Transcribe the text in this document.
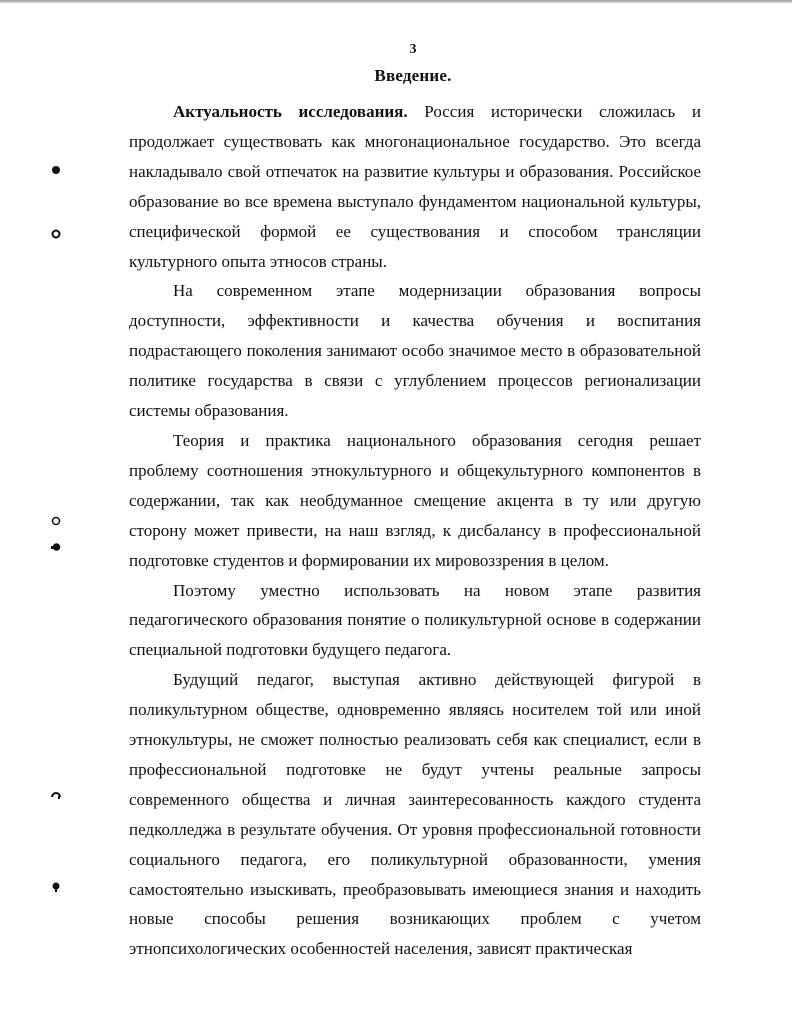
3
Введение.

Актуальность исследования. Россия исторически сложилась и продолжает существовать как многонациональное государство. Это всегда накладывало свой отпечаток на развитие культуры и образования. Российское образование во все времена выступало фундаментом национальной культуры, специфической формой ее существования и способом трансляции культурного опыта этносов страны.

На современном этапе модернизации образования вопросы доступности, эффективности и качества обучения и воспитания подрастающего поколения занимают особо значимое место в образовательной политике государства в связи с углублением процессов регионализации системы образования.

Теория и практика национального образования сегодня решает проблему соотношения этнокультурного и общекультурного компонентов в содержании, так как необдуманное смещение акцента в ту или другую сторону может привести, на наш взгляд, к дисбалансу в профессиональной подготовке студентов и формировании их мировоззрения в целом.

Поэтому уместно использовать на новом этапе развития педагогического образования понятие о поликультурной основе в содержании специальной подготовки будущего педагога.

Будущий педагог, выступая активно действующей фигурой в поликультурном обществе, одновременно являясь носителем той или иной этнокультуры, не сможет полностью реализовать себя как специалист, если в профессиональной подготовке не будут учтены реальные запросы современного общества и личная заинтересованность каждого студента педколледжа в результате обучения. От уровня профессиональной готовности социального педагога, его поликультурной образованности, умения самостоятельно изыскивать, преобразовывать имеющиеся знания и находить новые способы решения возникающих проблем с учетом этнопсихологических особенностей населения, зависят практическая
